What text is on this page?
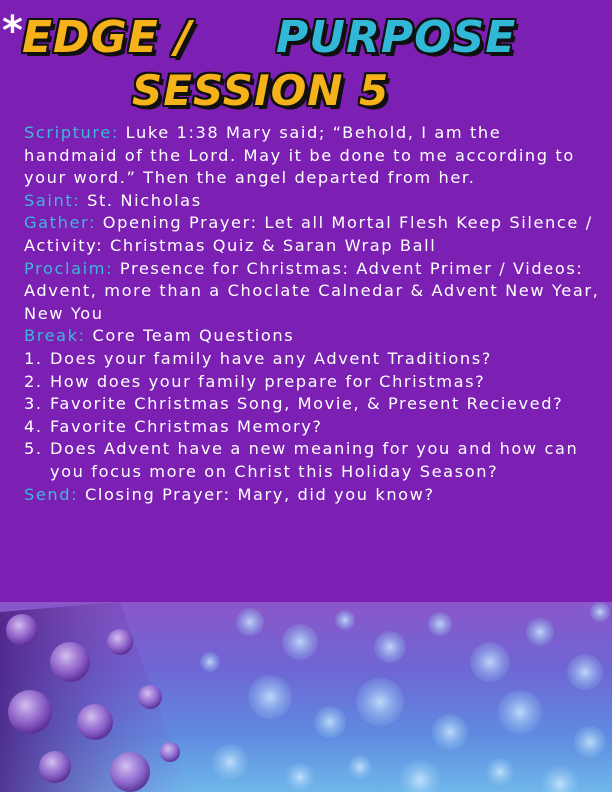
* EDGE / PURPOSE
SESSION 5

Scripture: Luke 1:38 Mary said; “Behold, I am the handmaid of the Lord. May it be done to me according to your word.” Then the angel departed from her.

Saint: St. Nicholas

Gather: Opening Prayer: Let all Mortal Flesh Keep Silence / Activity: Christmas Quiz & Saran Wrap Ball

Proclaim: Presence for Christmas: Advent Primer / Videos: Advent, more than a Choclate Calnedar & Advent New Year, New You

Break: Core Team Questions

1. Does your family have any Advent Traditions?
2. How does your family prepare for Christmas?
3. Favorite Christmas Song, Movie, & Present Recieved?
4. Favorite Christmas Memory?
5. Does Advent have a new meaning for you and how can you focus more on Christ this Holiday Season?

Send: Closing Prayer: Mary, did you know?
